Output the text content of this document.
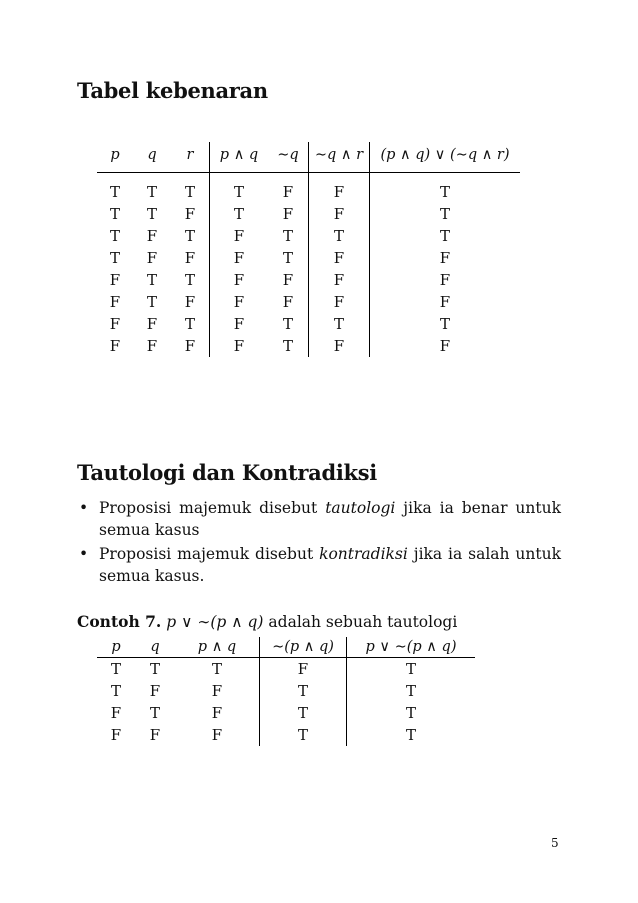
Tabel kebenaran
p	q	r	p ∧ q	∼q	∼q ∧ r	(p ∧ q) ∨ (∼q ∧ r)
T	T	T	T	F	F	T
T	T	F	T	F	F	T
T	F	T	F	T	T	T
T	F	F	F	T	F	F
F	T	T	F	F	F	F
F	T	F	F	F	F	F
F	F	T	F	T	T	T
F	F	F	F	T	F	F
Tautologi dan Kontradiksi
• Proposisi majemuk disebut tautologi jika ia benar untuk semua kasus
• Proposisi majemuk disebut kontradiksi jika ia salah untuk semua kasus.
Contoh 7. p ∨ ∼(p ∧ q) adalah sebuah tautologi
p	q	p ∧ q	∼(p ∧ q)	p ∨ ∼(p ∧ q)
T	T	T	F	T
T	F	F	T	T
F	T	F	T	T
F	F	F	T	T
5
